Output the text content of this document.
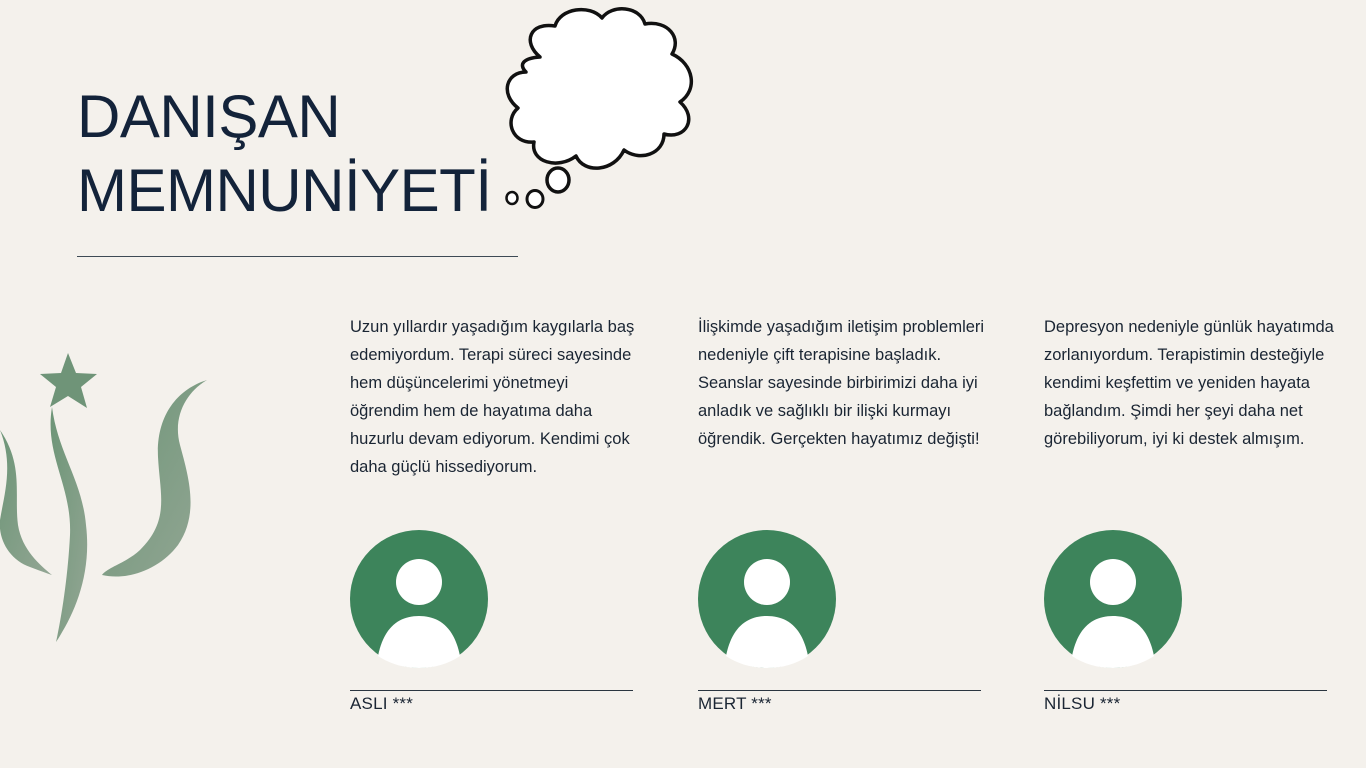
DANIŞAN
MEMNUNİYETİ

Uzun yıllardır yaşadığım kaygılarla baş edemiyordum. Terapi süreci sayesinde hem düşüncelerimi yönetmeyi öğrendim hem de hayatıma daha huzurlu devam ediyorum. Kendimi çok daha güçlü hissediyorum.

ASLI ***

İlişkimde yaşadığım iletişim problemleri nedeniyle çift terapisine başladık. Seanslar sayesinde birbirimizi daha iyi anladık ve sağlıklı bir ilişki kurmayı öğrendik. Gerçekten hayatımız değişti!

MERT ***

Depresyon nedeniyle günlük hayatımda zorlanıyordum. Terapistimin desteğiyle kendimi keşfettim ve yeniden hayata bağlandım. Şimdi her şeyi daha net görebiliyorum, iyi ki destek almışım.

NİLSU ***
